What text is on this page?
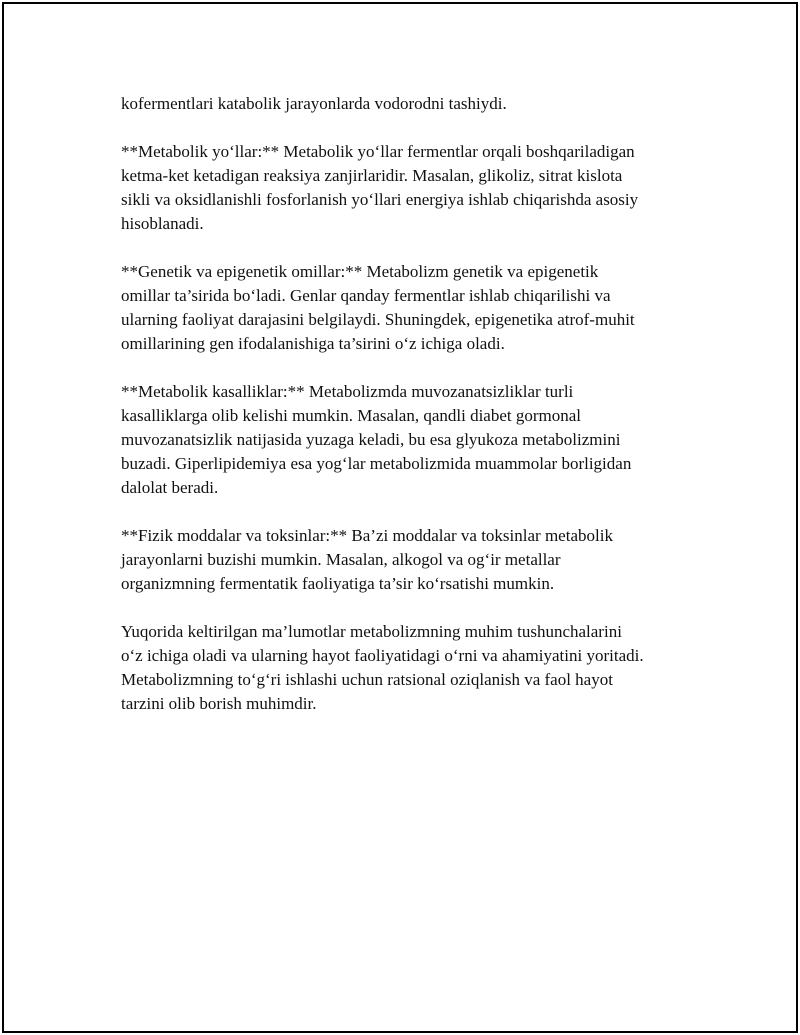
kofermentlari katabolik jarayonlarda vodorodni tashiydi.

**Metabolik yo‘llar:** Metabolik yo‘llar fermentlar orqali boshqariladigan
ketma-ket ketadigan reaksiya zanjirlaridir. Masalan, glikoliz, sitrat kislota
sikli va oksidlanishli fosforlanish yo‘llari energiya ishlab chiqarishda asosiy
hisoblanadi.

**Genetik va epigenetik omillar:** Metabolizm genetik va epigenetik
omillar ta’sirida bo‘ladi. Genlar qanday fermentlar ishlab chiqarilishi va
ularning faoliyat darajasini belgilaydi. Shuningdek, epigenetika atrof-muhit
omillarining gen ifodalanishiga ta’sirini o‘z ichiga oladi.

**Metabolik kasalliklar:** Metabolizmda muvozanatsizliklar turli
kasalliklarga olib kelishi mumkin. Masalan, qandli diabet gormonal
muvozanatsizlik natijasida yuzaga keladi, bu esa glyukoza metabolizmini
buzadi. Giperlipidemiya esa yog‘lar metabolizmida muammolar borligidan
dalolat beradi.

**Fizik moddalar va toksinlar:** Ba’zi moddalar va toksinlar metabolik
jarayonlarni buzishi mumkin. Masalan, alkogol va og‘ir metallar
organizmning fermentatik faoliyatiga ta’sir ko‘rsatishi mumkin.

Yuqorida keltirilgan ma’lumotlar metabolizmning muhim tushunchalarini
o‘z ichiga oladi va ularning hayot faoliyatidagi o‘rni va ahamiyatini yoritadi.
Metabolizmning to‘g‘ri ishlashi uchun ratsional oziqlanish va faol hayot
tarzini olib borish muhimdir.
